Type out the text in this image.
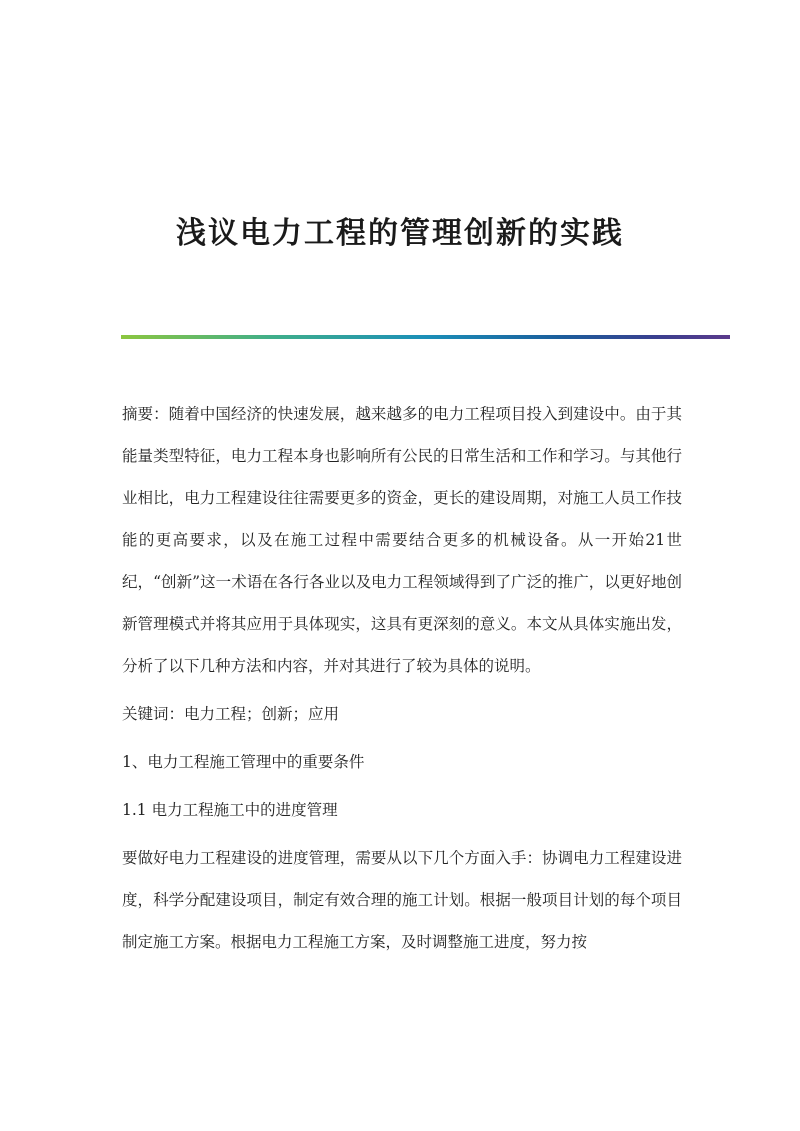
浅议电力工程的管理创新的实践

摘要：随着中国经济的快速发展，越来越多的电力工程项目投入到建设中。由于其能量类型特征，电力工程本身也影响所有公民的日常生活和工作和学习。与其他行业相比，电力工程建设往往需要更多的资金，更长的建设周期，对施工人员工作技能的更高要求，以及在施工过程中需要结合更多的机械设备。从一开始21世纪，“创新”这一术语在各行各业以及电力工程领域得到了广泛的推广，以更好地创新管理模式并将其应用于具体现实，这具有更深刻的意义。本文从具体实施出发，分析了以下几种方法和内容，并对其进行了较为具体的说明。

关键词：电力工程；创新；应用

1、电力工程施工管理中的重要条件

1.1 电力工程施工中的进度管理

要做好电力工程建设的进度管理，需要从以下几个方面入手：协调电力工程建设进度，科学分配建设项目，制定有效合理的施工计划。根据一般项目计划的每个项目制定施工方案。根据电力工程施工方案，及时调整施工进度，努力按
